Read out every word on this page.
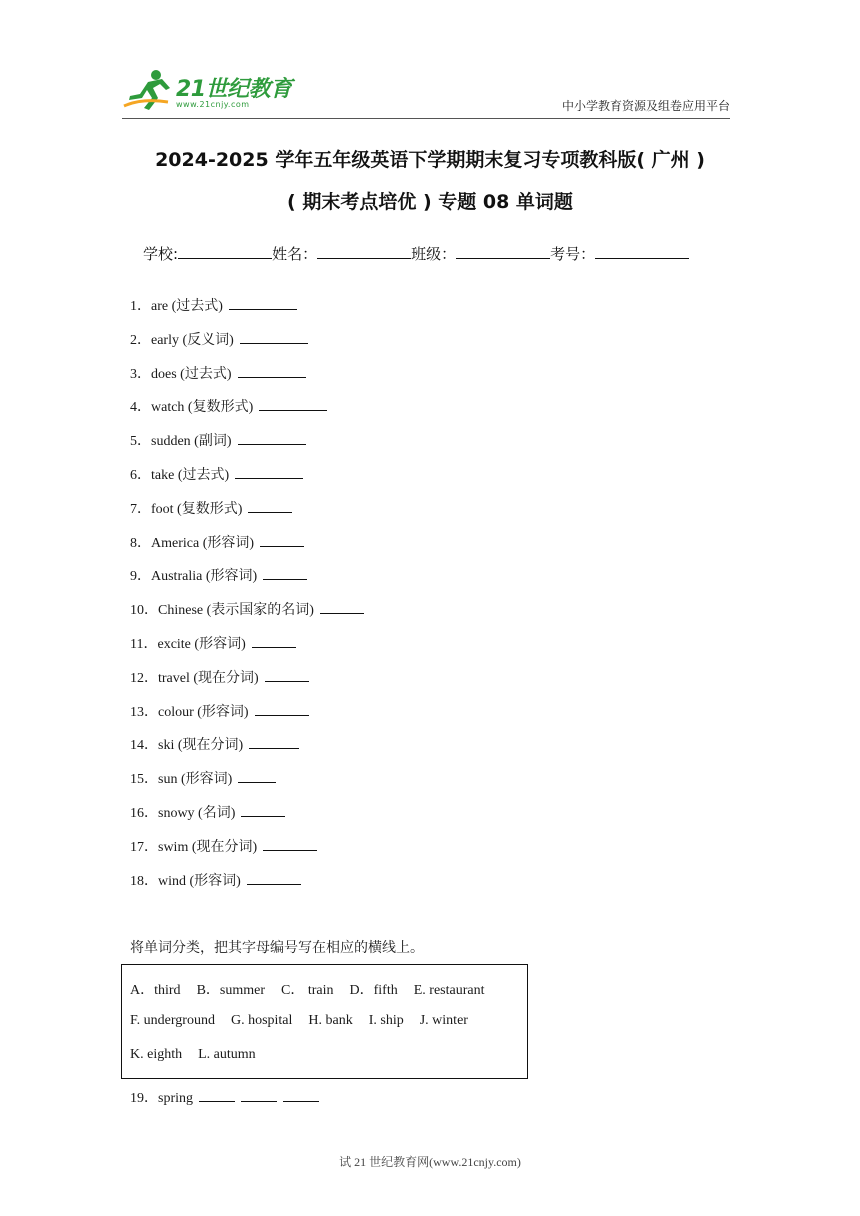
21世纪教育
www.21cnjy.com	中小学教育资源及组卷应用平台
2024-2025 学年五年级英语下学期期末复习专项教科版( 广州 )
( 期末考点培优 ) 专题 08 单词题
学校:	姓名：	班级：	考号：
1．are (过去式)
2．early (反义词)
3．does (过去式)
4．watch (复数形式)
5．sudden (副词)
6．take (过去式)
7．foot (复数形式)
8．America (形容词)
9．Australia (形容词)
10．Chinese (表示国家的名词)
11．excite (形容词)
12．travel (现在分词)
13．colour (形容词)
14．ski (现在分词)
15．sun (形容词)
16．snowy (名词)
17．swim (现在分词)
18．wind (形容词)
将单词分类，把其字母编号写在相应的横线上。
A．third B．summer C． train D．fifth E. restaurant
F. underground G. hospital H. bank I. ship J. winter
K. eighth L. autumn
19．spring
试 21 世纪教育网(www.21cnjy.com)
